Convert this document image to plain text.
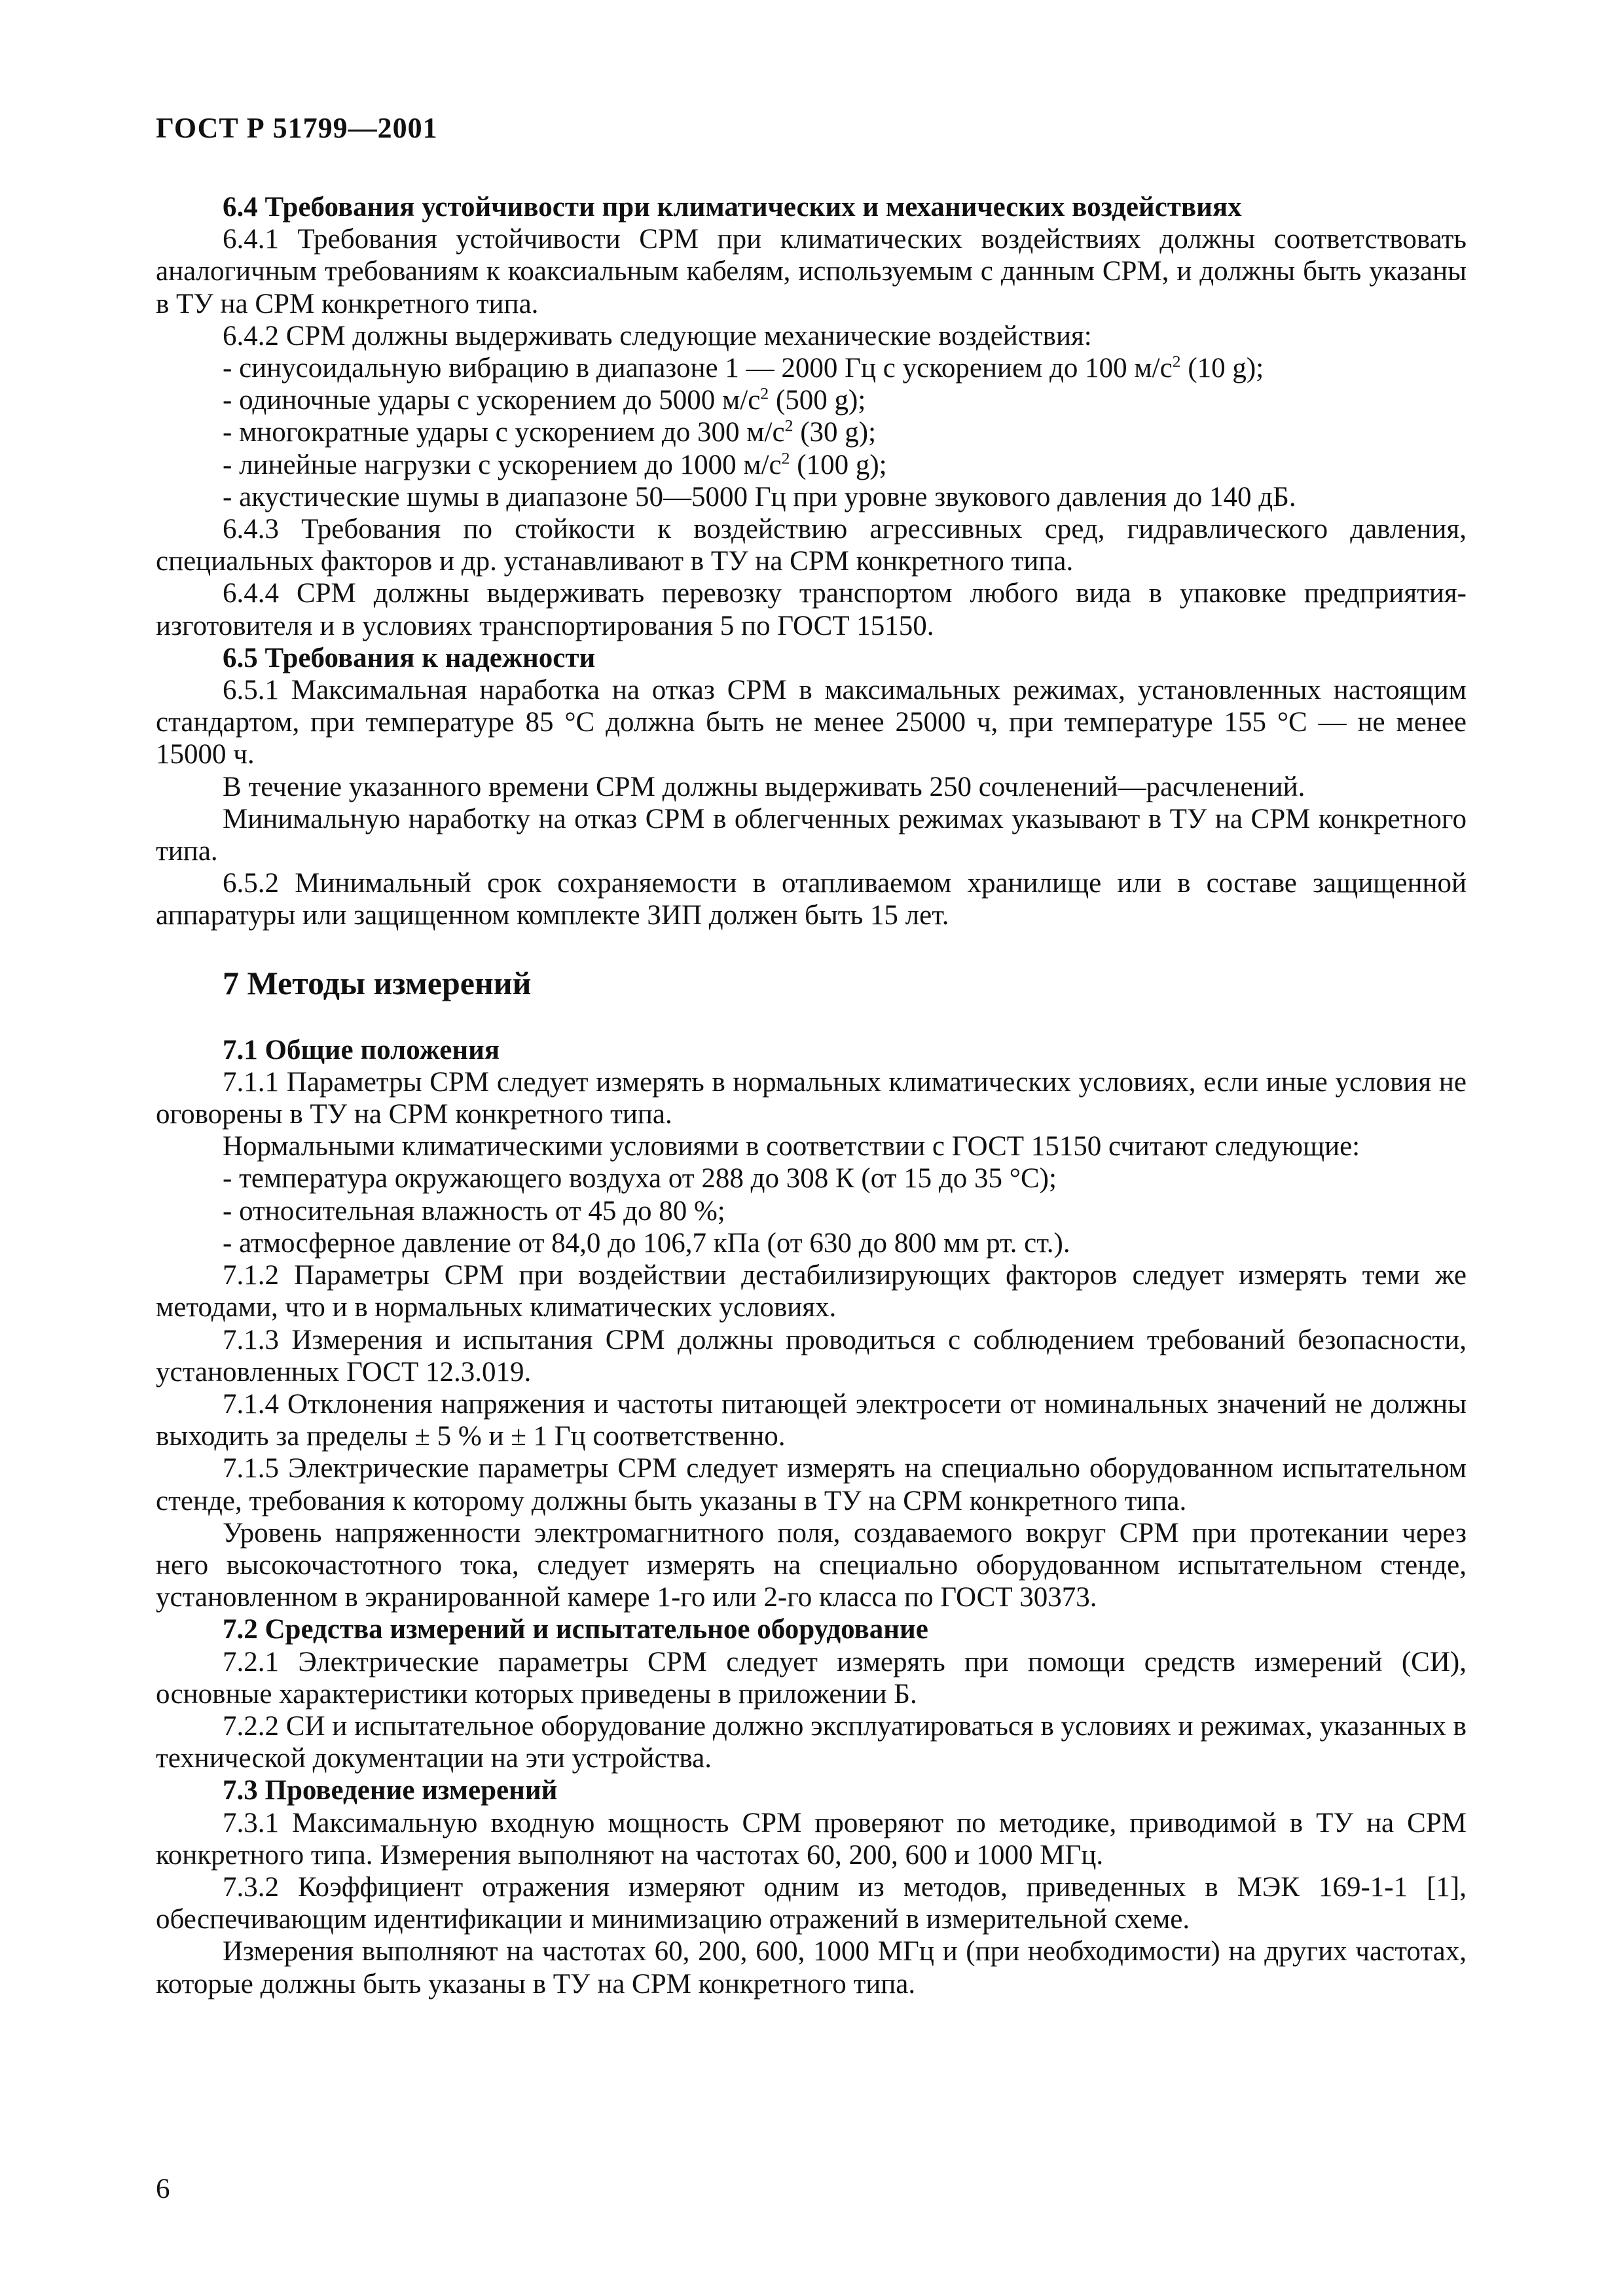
ГОСТ Р 51799—2001
6.4 Требования устойчивости при климатических и механических воздействиях
6.4.1 Требования устойчивости СРМ при климатических воздействиях должны соответствовать аналогичным требованиям к коаксиальным кабелям, используемым с данным СРМ, и должны быть указаны в ТУ на СРМ конкретного типа.
6.4.2 СРМ должны выдерживать следующие механические воздействия:
- синусоидальную вибрацию в диапазоне 1 — 2000 Гц с ускорением до 100 $м/с^2$ (10 g);
- одиночные удары с ускорением до 5000 $м/с^2$ (500 g);
- многократные удары с ускорением до 300 $м/с^2$ (30 g);
- линейные нагрузки с ускорением до 1000 $м/с^2$ (100 g);
- акустические шумы в диапазоне 50—5000 Гц при уровне звукового давления до 140 дБ.
6.4.3 Требования по стойкости к воздействию агрессивных сред, гидравлического давления, специальных факторов и др. устанавливают в ТУ на СРМ конкретного типа.
6.4.4 СРМ должны выдерживать перевозку транспортом любого вида в упаковке предприятия-изготовителя и в условиях транспортирования 5 по ГОСТ 15150.
6.5 Требования к надежности
6.5.1 Максимальная наработка на отказ СРМ в максимальных режимах, установленных настоящим стандартом, при температуре 85 °С должна быть не менее 25000 ч, при температуре 155 °С — не менее 15000 ч.
В течение указанного времени СРМ должны выдерживать 250 сочленений—расчленений.
Минимальную наработку на отказ СРМ в облегченных режимах указывают в ТУ на СРМ конкретного типа.
6.5.2 Минимальный срок сохраняемости в отапливаемом хранилище или в составе защищенной аппаратуры или защищенном комплекте ЗИП должен быть 15 лет.
7 Методы измерений
7.1 Общие положения
7.1.1 Параметры СРМ следует измерять в нормальных климатических условиях, если иные условия не оговорены в ТУ на СРМ конкретного типа.
Нормальными климатическими условиями в соответствии с ГОСТ 15150 считают следующие:
- температура окружающего воздуха от 288 до 308 К (от 15 до 35 °С);
- относительная влажность от 45 до 80 %;
- атмосферное давление от 84,0 до 106,7 кПа (от 630 до 800 мм рт. ст.).
7.1.2 Параметры СРМ при воздействии дестабилизирующих факторов следует измерять теми же методами, что и в нормальных климатических условиях.
7.1.3 Измерения и испытания СРМ должны проводиться с соблюдением требований безопасности, установленных ГОСТ 12.3.019.
7.1.4 Отклонения напряжения и частоты питающей электросети от номинальных значений не должны выходить за пределы ± 5 % и ± 1 Гц соответственно.
7.1.5 Электрические параметры СРМ следует измерять на специально оборудованном испытательном стенде, требования к которому должны быть указаны в ТУ на СРМ конкретного типа.
Уровень напряженности электромагнитного поля, создаваемого вокруг СРМ при протекании через него высокочастотного тока, следует измерять на специально оборудованном испытательном стенде, установленном в экранированной камере 1-го или 2-го класса по ГОСТ 30373.
7.2 Средства измерений и испытательное оборудование
7.2.1 Электрические параметры СРМ следует измерять при помощи средств измерений (СИ), основные характеристики которых приведены в приложении Б.
7.2.2 СИ и испытательное оборудование должно эксплуатироваться в условиях и режимах, указанных в технической документации на эти устройства.
7.3 Проведение измерений
7.3.1 Максимальную входную мощность СРМ проверяют по методике, приводимой в ТУ на СРМ конкретного типа. Измерения выполняют на частотах 60, 200, 600 и 1000 МГц.
7.3.2 Коэффициент отражения измеряют одним из методов, приведенных в МЭК 169-1-1 [1], обеспечивающим идентификации и минимизацию отражений в измерительной схеме.
Измерения выполняют на частотах 60, 200, 600, 1000 МГц и (при необходимости) на других частотах, которые должны быть указаны в ТУ на СРМ конкретного типа.
6
